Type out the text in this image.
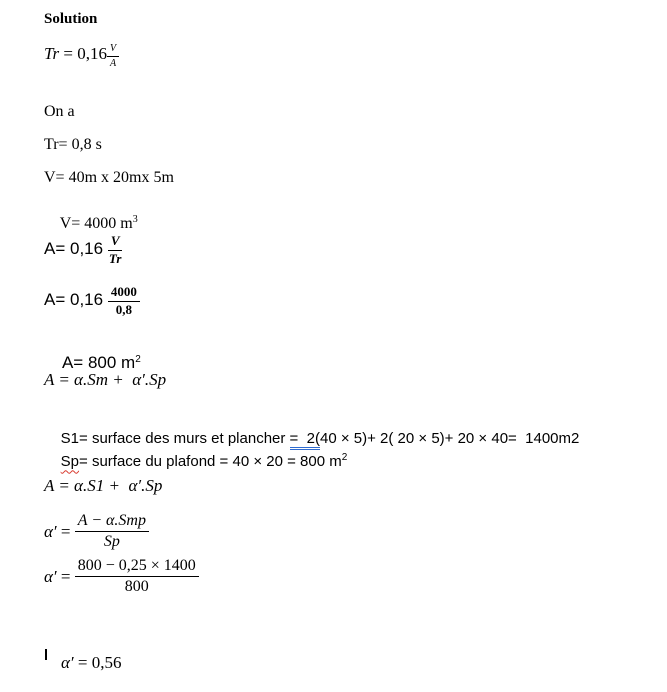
Solution
$Tr = 0,16 \frac{V}{A}$
On a
Tr= 0,8 s
V= 40m x 20mx 5m

V= 4000 $m^3$

$A= 0,16 \frac{V}{Tr}$
$A= 0,16 \frac{4000}{0,8}$

A= 800 $m^2$

A = α.Sm +  α′.Sp

S1= surface des murs et plancher =  2(40 × 5)+ 2( 20 × 5)+ 20 × 40=  1400m2

Sp= surface du plafond = 40 × 20 = 800 $m^2$

A = α.S1 +  α′.Sp
$\alpha' = \frac{\text{A − α.Smp}}{Sp}$
$\alpha' = \frac{800 - 0,25 \times 1400}{800}$

α′ = 0,56
